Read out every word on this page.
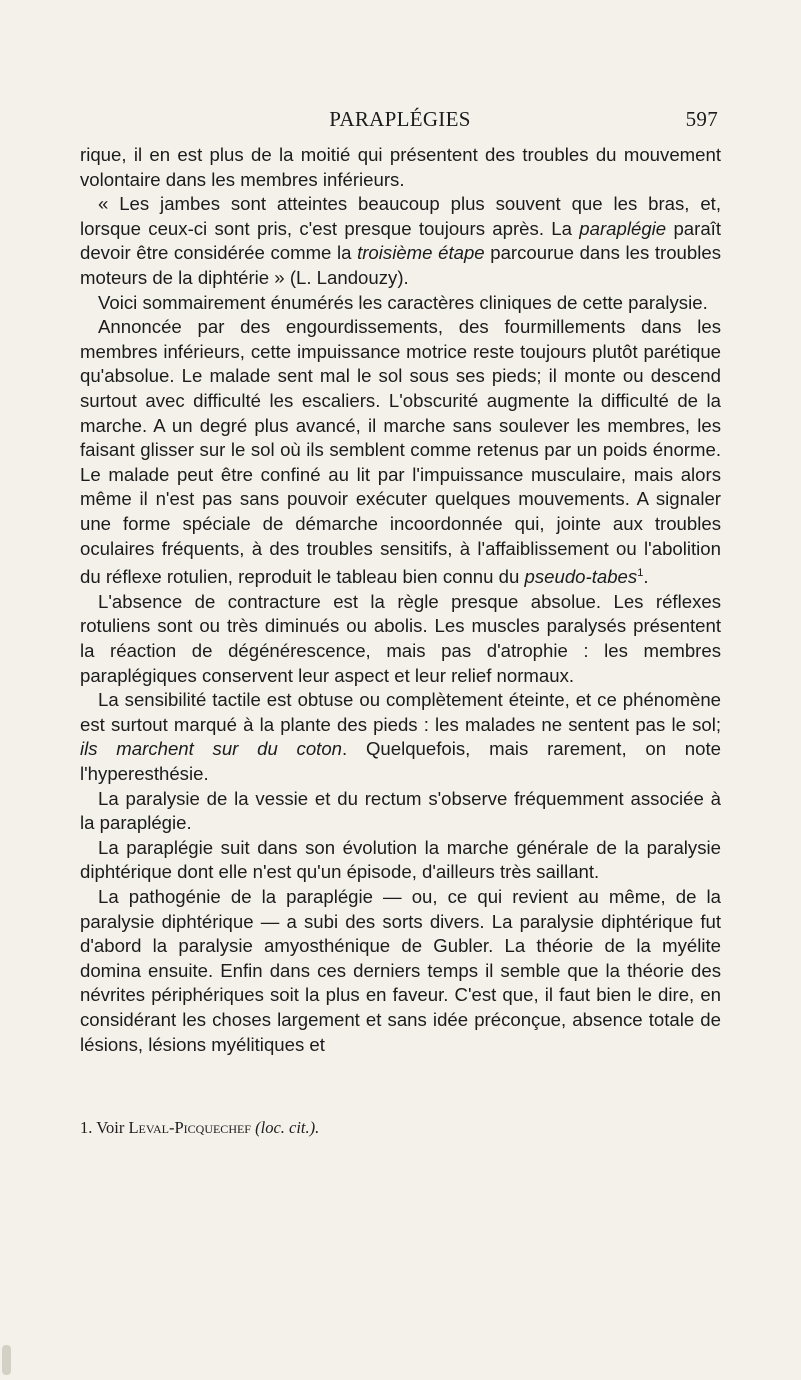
PARAPLÉGIES	597

rique, il en est plus de la moitié qui présentent des troubles du mouvement volontaire dans les membres inférieurs.

« Les jambes sont atteintes beaucoup plus souvent que les bras, et, lorsque ceux-ci sont pris, c'est presque toujours après. La paraplégie paraît devoir être considérée comme la troisième étape parcourue dans les troubles moteurs de la diphtérie » (L. Landouzy).

Voici sommairement énumérés les caractères cliniques de cette paralysie.

Annoncée par des engourdissements, des fourmillements dans les membres inférieurs, cette impuissance motrice reste toujours plutôt parétique qu'absolue. Le malade sent mal le sol sous ses pieds; il monte ou descend surtout avec difficulté les escaliers. L'obscurité augmente la difficulté de la marche. A un degré plus avancé, il marche sans soulever les membres, les faisant glisser sur le sol où ils semblent comme retenus par un poids énorme. Le malade peut être confiné au lit par l'impuissance musculaire, mais alors même il n'est pas sans pouvoir exécuter quelques mouvements. A signaler une forme spéciale de démarche incoordonnée qui, jointe aux troubles oculaires fréquents, à des troubles sensitifs, à l'affaiblissement ou l'abolition du réflexe rotulien, reproduit le tableau bien connu du pseudo-tabes$^1$.

L'absence de contracture est la règle presque absolue. Les réflexes rotuliens sont ou très diminués ou abolis. Les muscles paralysés présentent la réaction de dégénérescence, mais pas d'atrophie : les membres paraplégiques conservent leur aspect et leur relief normaux.

La sensibilité tactile est obtuse ou complètement éteinte, et ce phénomène est surtout marqué à la plante des pieds : les malades ne sentent pas le sol; ils marchent sur du coton. Quelquefois, mais rarement, on note l'hyperesthésie.

La paralysie de la vessie et du rectum s'observe fréquemment associée à la paraplégie.

La paraplégie suit dans son évolution la marche générale de la paralysie diphtérique dont elle n'est qu'un épisode, d'ailleurs très saillant.

La pathogénie de la paraplégie — ou, ce qui revient au même, de la paralysie diphtérique — a subi des sorts divers. La paralysie diphtérique fut d'abord la paralysie amyosthénique de Gubler. La théorie de la myélite domina ensuite. Enfin dans ces derniers temps il semble que la théorie des névrites périphériques soit la plus en faveur. C'est que, il faut bien le dire, en considérant les choses largement et sans idée préconçue, absence totale de lésions, lésions myélitiques et

1. Voir Leval-Picquechef (loc. cit.).
